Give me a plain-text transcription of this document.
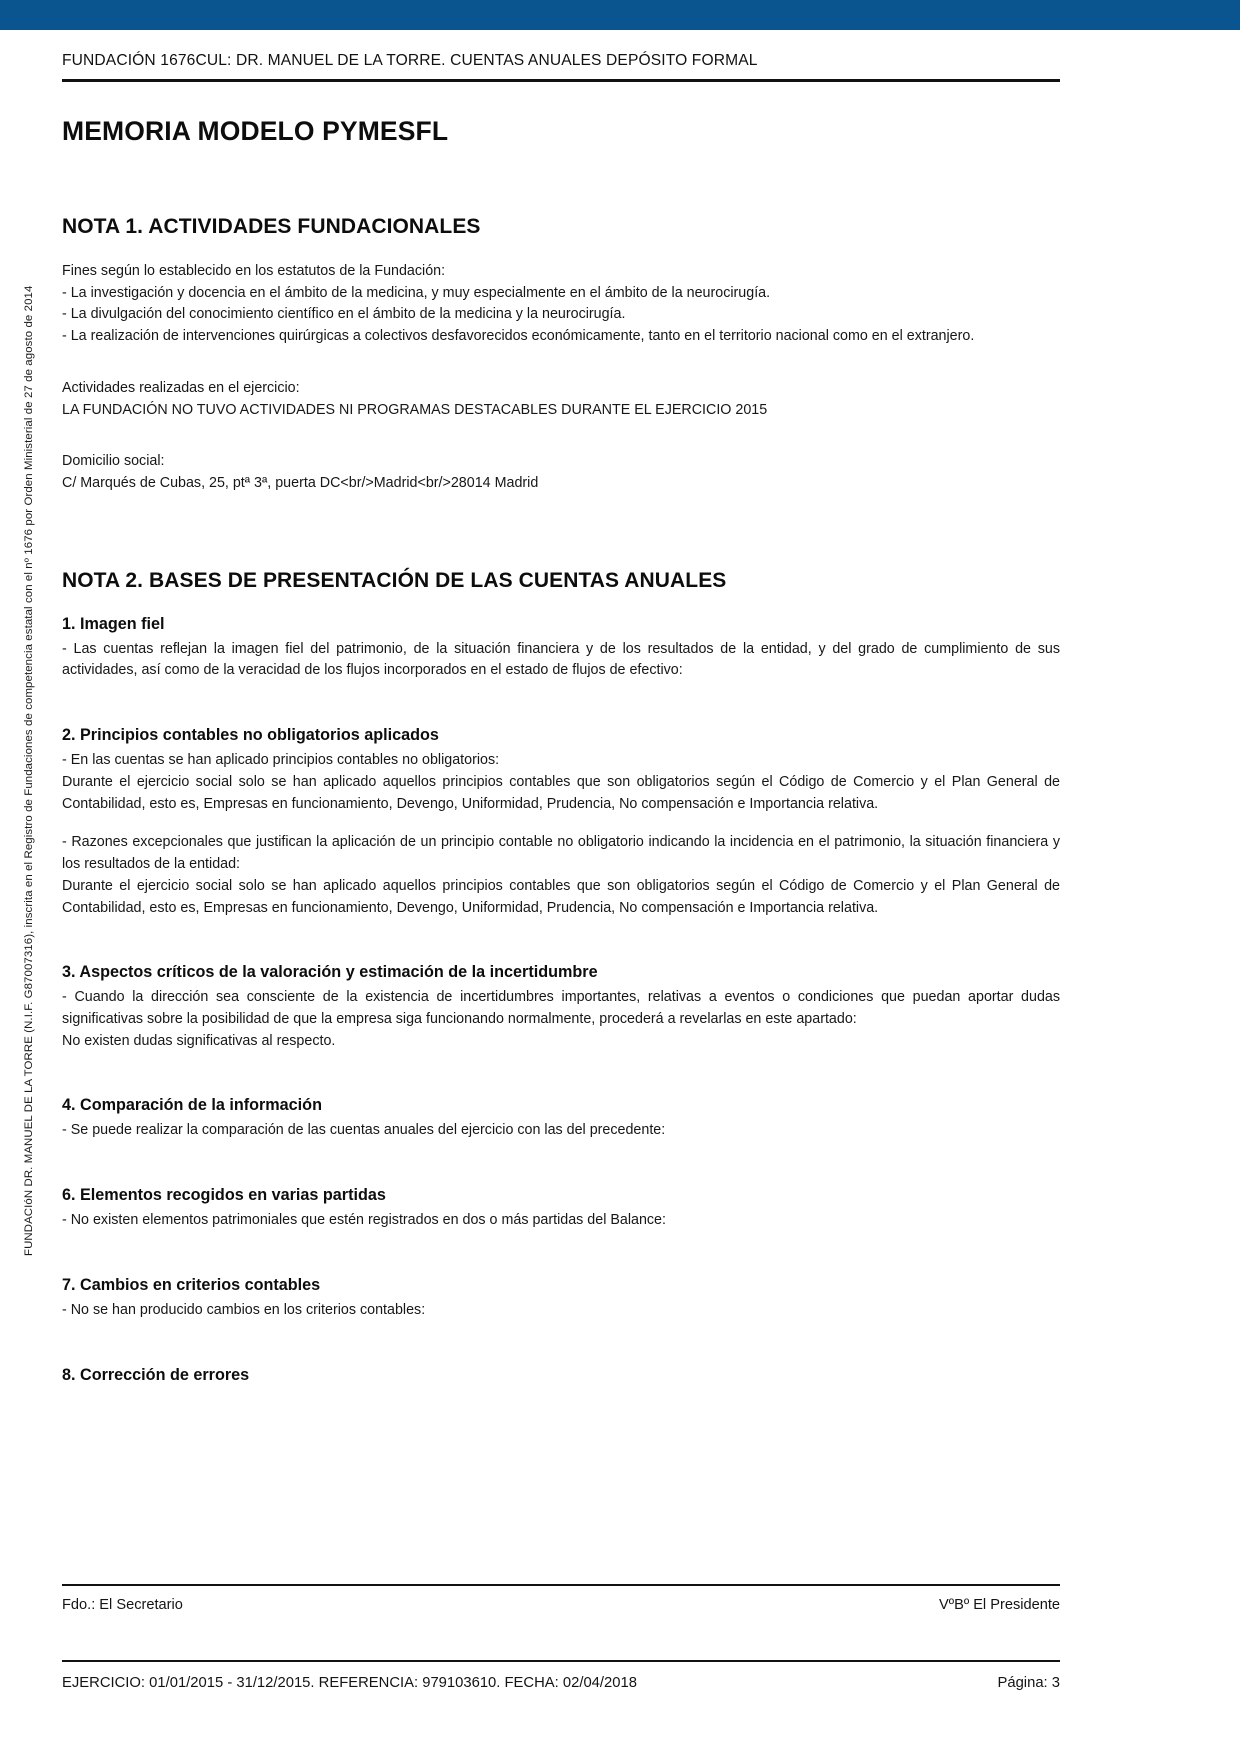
FUNDACIóN DR. MANUEL DE LA TORRE (N.I.F. G87007316), inscrita en el Registro de Fundaciones de competencia estatal con el nº 1676 por Orden Ministerial de 27 de agosto de 2014
FUNDACIÓN 1676CUL: DR. MANUEL DE LA TORRE. CUENTAS ANUALES DEPÓSITO FORMAL
MEMORIA MODELO PYMESFL
NOTA 1. ACTIVIDADES FUNDACIONALES

Fines según lo establecido en los estatutos de la Fundación:

- La investigación y docencia en el ámbito de la medicina, y muy especialmente en el ámbito de la neurocirugía.

- La divulgación del conocimiento científico en el ámbito de la medicina y la neurocirugía.

- La realización de intervenciones quirúrgicas a colectivos desfavorecidos económicamente, tanto en el territorio nacional como en el extranjero.

Actividades realizadas en el ejercicio:

LA FUNDACIÓN NO TUVO ACTIVIDADES NI PROGRAMAS DESTACABLES DURANTE EL EJERCICIO 2015

Domicilio social:

C/ Marqués de Cubas, 25, ptª 3ª, puerta DC<br/>Madrid<br/>28014 Madrid

NOTA 2. BASES DE PRESENTACIÓN DE LAS CUENTAS ANUALES
1. Imagen fiel

- Las cuentas reflejan la imagen fiel del patrimonio, de la situación financiera y de los resultados de la entidad, y del grado de cumplimiento de sus actividades, así como de la veracidad de los flujos incorporados en el estado de flujos de efectivo:

2. Principios contables no obligatorios aplicados

- En las cuentas se han aplicado principios contables no obligatorios:

Durante el ejercicio social solo se han aplicado aquellos principios contables que son obligatorios según el Código de Comercio y el Plan General de Contabilidad, esto es, Empresas en funcionamiento, Devengo, Uniformidad, Prudencia, No compensación e Importancia relativa.

- Razones excepcionales que justifican la aplicación de un principio contable no obligatorio indicando la incidencia en el patrimonio, la situación financiera y los resultados de la entidad:

Durante el ejercicio social solo se han aplicado aquellos principios contables que son obligatorios según el Código de Comercio y el Plan General de Contabilidad, esto es, Empresas en funcionamiento, Devengo, Uniformidad, Prudencia, No compensación e Importancia relativa.

3. Aspectos críticos de la valoración y estimación de la incertidumbre

- Cuando la dirección sea consciente de la existencia de incertidumbres importantes, relativas a eventos o condiciones que puedan aportar dudas significativas sobre la posibilidad de que la empresa siga funcionando normalmente, procederá a revelarlas en este apartado:

No existen dudas significativas al respecto.

4. Comparación de la información

- Se puede realizar la comparación de las cuentas anuales del ejercicio con las del precedente:

6. Elementos recogidos en varias partidas

- No existen elementos patrimoniales que estén registrados en dos o más partidas del Balance:

7. Cambios en criterios contables

- No se han producido cambios en los criterios contables:

8. Corrección de errores
Fdo.: El Secretario	VºBº El Presidente
EJERCICIO: 01/01/2015 - 31/12/2015. REFERENCIA: 979103610. FECHA: 02/04/2018	Página: 3
